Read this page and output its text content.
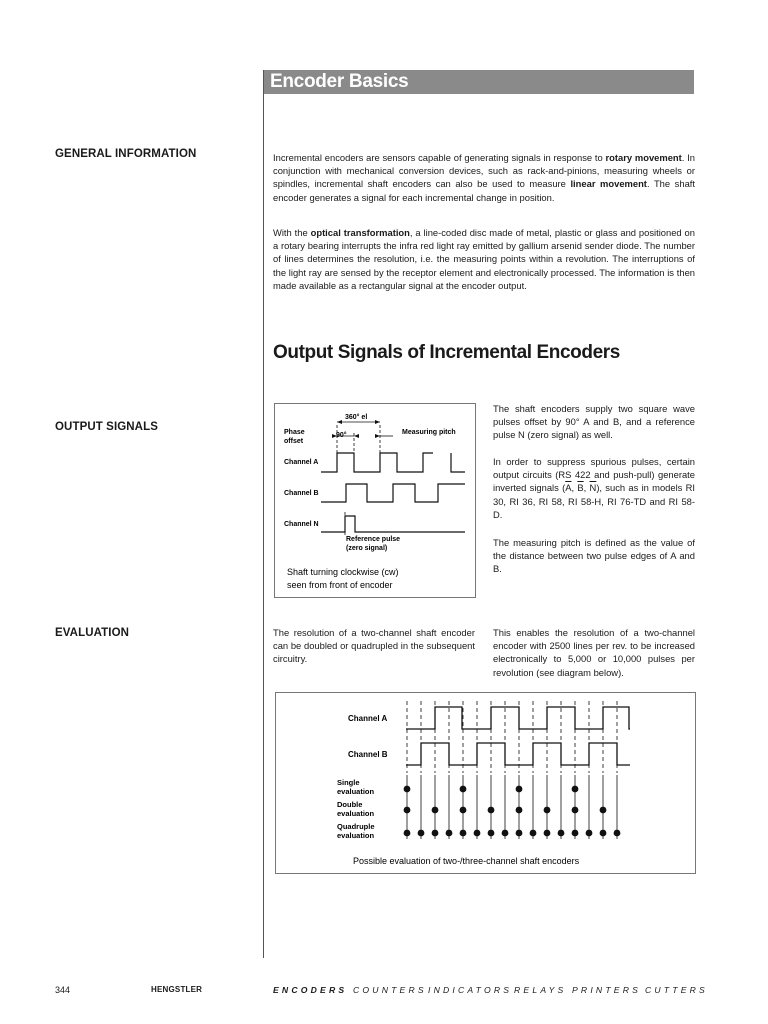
Encoder Basics
GENERAL INFORMATION
OUTPUT SIGNALS
EVALUATION
Incremental encoders are sensors capable of generating signals in response to rotary movement. In conjunction with mechanical conversion devices, such as rack-and-pinions, measuring wheels or spindles, incremental shaft encoders can also be used to measure linear movement. The shaft encoder generates a signal for each incremental change in position.
With the optical transformation, a line-coded disc made of metal, plastic or glass and positioned on a rotary bearing interrupts the infra red light ray emitted by gallium arsenid sender diode. The number of lines determines the resolution, i.e. the measuring points within a revolution. The interruptions of the light ray are sensed by the receptor element and electronically processed. The information is then made available as a rectangular signal at the encoder output.
Output Signals of Incremental Encoders
360° el
90°
Phase
offset
Measuring pitch
Channel A
Channel B
Channel N
Reference pulse
(zero signal)
Shaft turning clockwise (cw)
seen from front of encoder
The shaft encoders supply two square wave pulses offset by 90° A and B, and a reference pulse N (zero signal) as well.
In order to suppress spurious pulses, certain output circuits (RS 422 and push-pull) generate inverted signals ($\overline{A}$, $\overline{B}$, $\overline{N}$), such as in models RI 30, RI 36, RI 58, RI 58-H, RI 76-TD and RI 58-D.
The measuring pitch is defined as the value of the distance between two pulse edges of A and B.
The resolution of a two-channel shaft encoder can be doubled or quadrupled in the subsequent circuitry.
This enables the resolution of a two-channel encoder with 2500 lines per rev. to be increased electronically to 5,000 or 10,000 pulses per revolution (see diagram below).
Channel A
Channel B
Single
evaluation
Double
evaluation
Quadruple
evaluation
Possible evaluation of two-/three-channel shaft encoders
344	HENGSTLER	ENCODERS COUNTERS INDICATORS RELAYS PRINTERS CUTTERS
